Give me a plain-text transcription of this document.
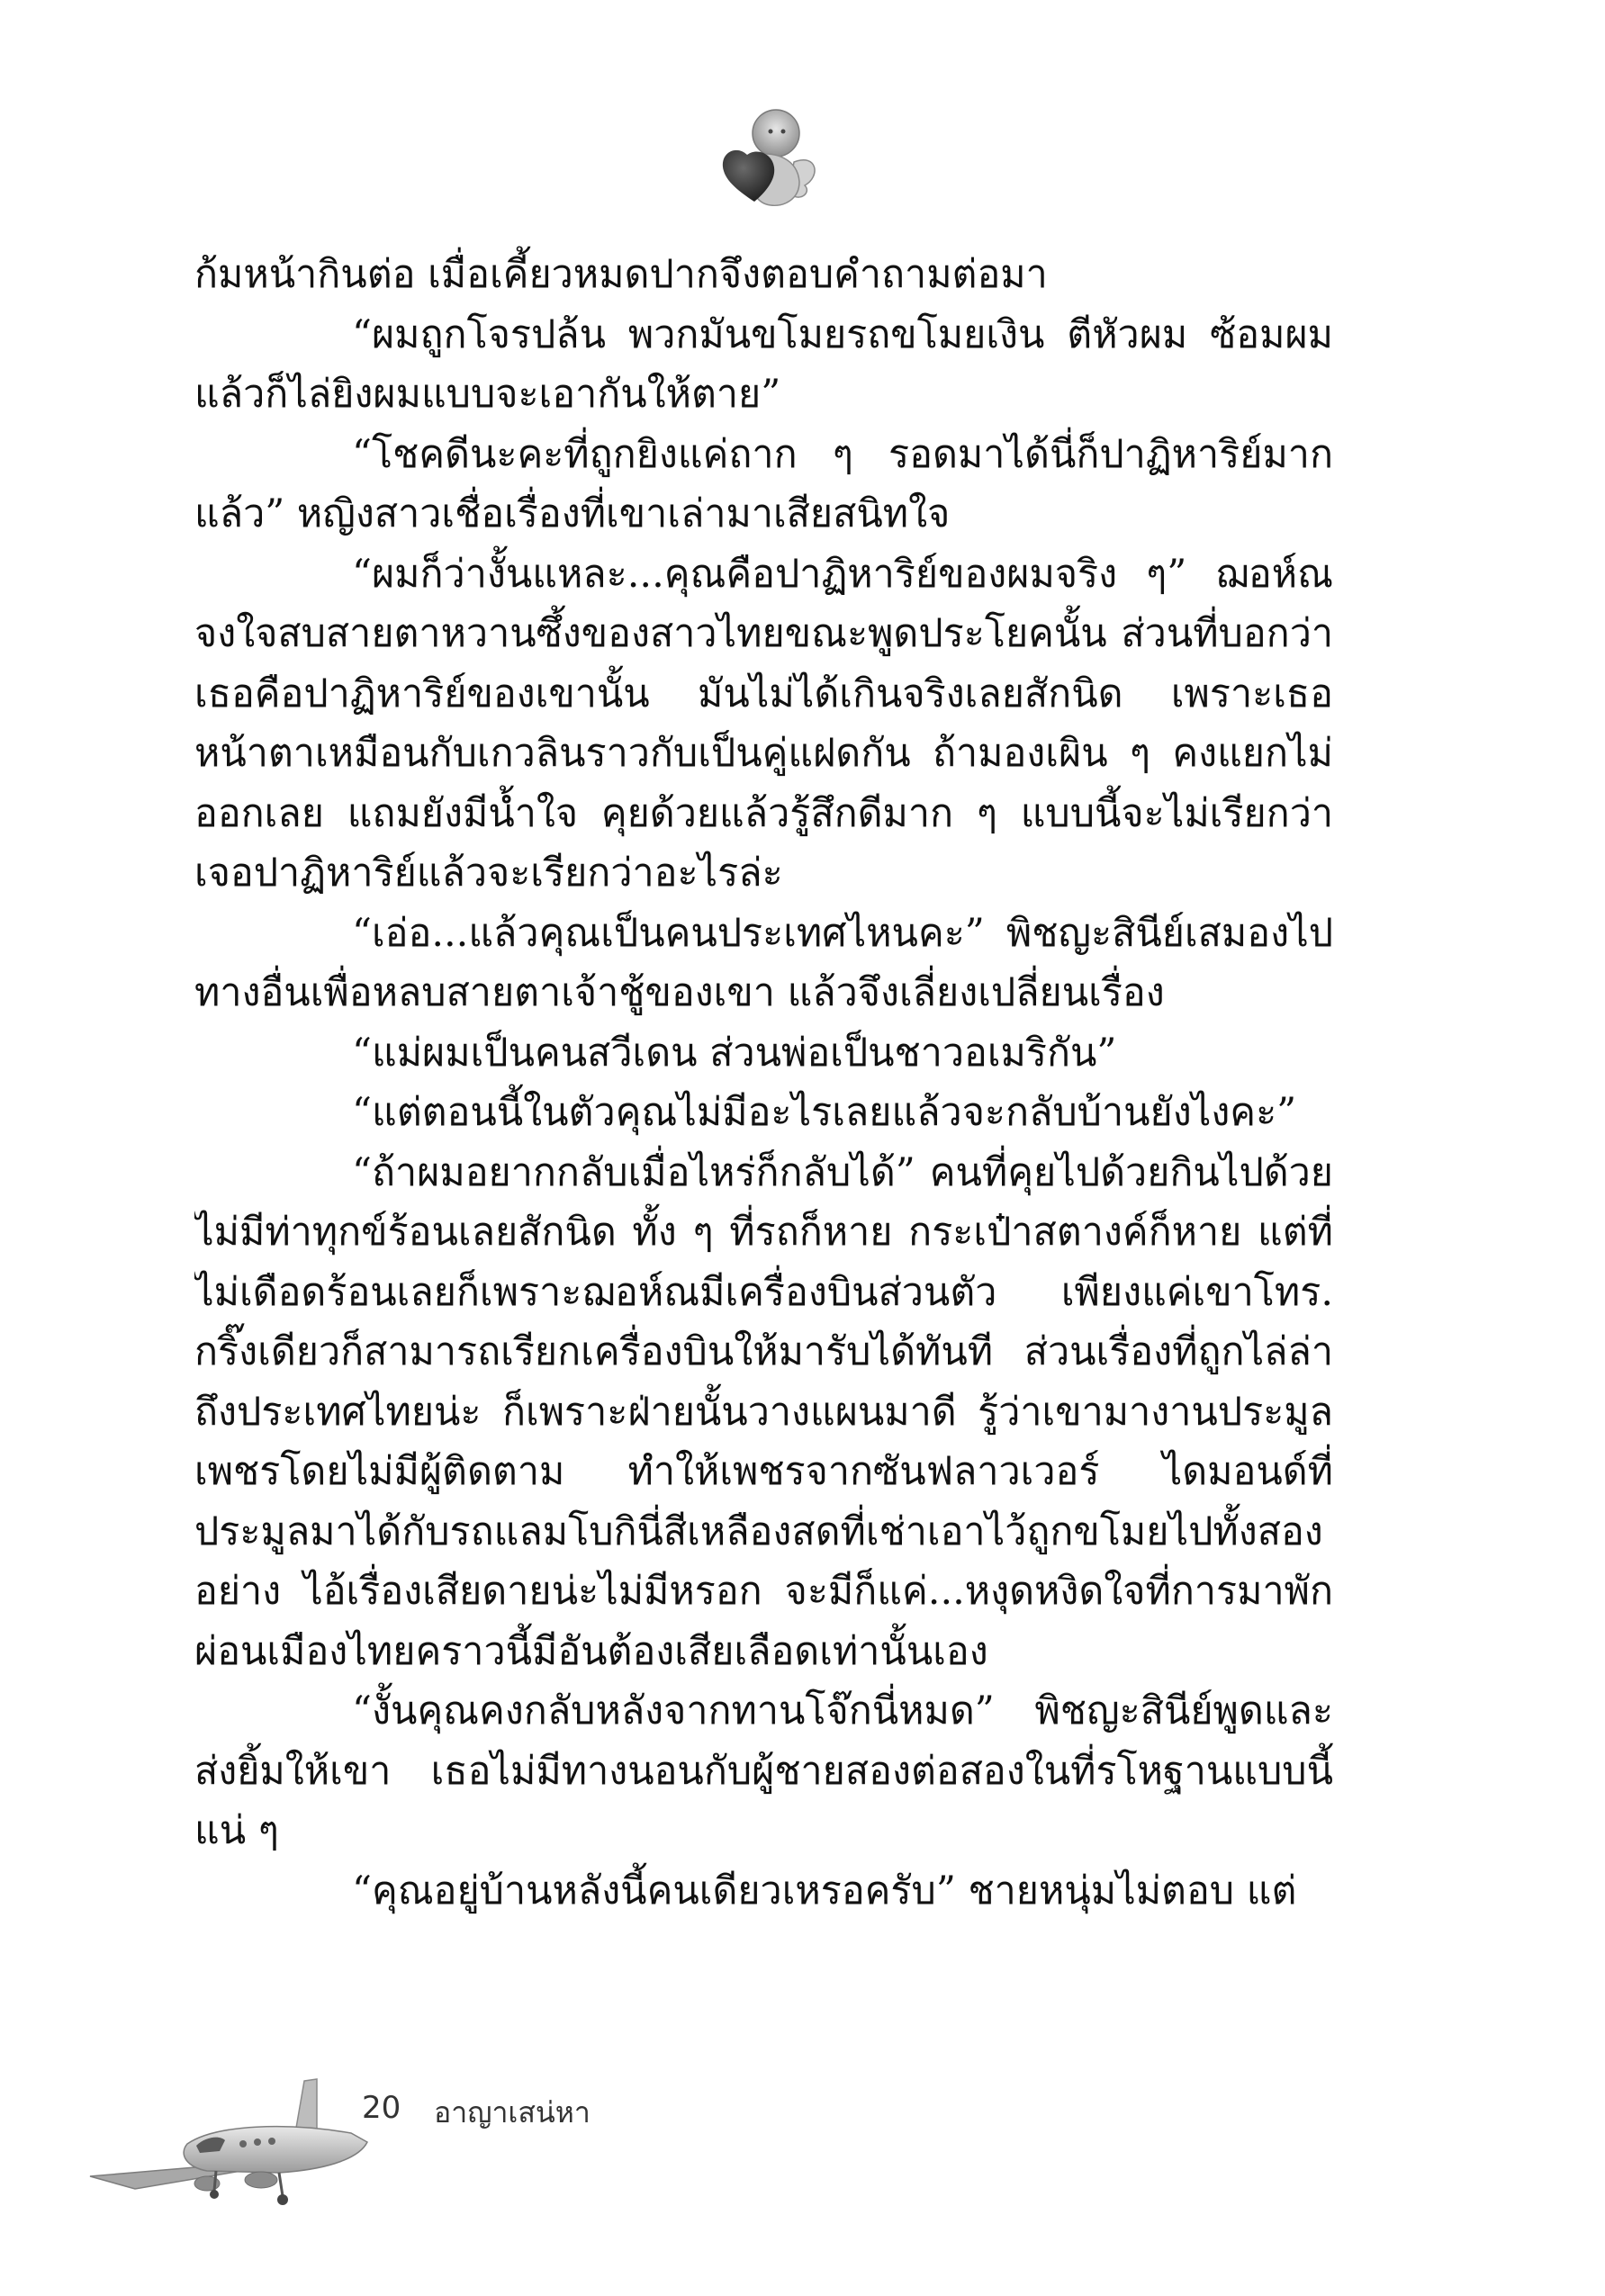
ก้มหน้ากินต่อ เมื่อเคี้ยวหมดปากจึงตอบคำถามต่อมา

“ผมถูกโจรปล้น พวกมันขโมยรถขโมยเงิน ตีหัวผม ซ้อมผม แล้วก็ไล่ยิงผมแบบจะเอากันให้ตาย”

“โชคดีนะคะที่ถูกยิงแค่ถาก ๆ รอดมาได้นี่ก็ปาฏิหาริย์มากแล้ว” หญิงสาวเชื่อเรื่องที่เขาเล่ามาเสียสนิทใจ

“ผมก็ว่างั้นแหละ...คุณคือปาฏิหาริย์ของผมจริง ๆ” ฌอห์ณ จงใจสบสายตาหวานซึ้งของสาวไทยขณะพูดประโยคนั้น ส่วนที่บอกว่าเธอคือปาฏิหาริย์ของเขานั้น มันไม่ได้เกินจริงเลยสักนิด เพราะเธอหน้าตาเหมือนกับเกวลินราวกับเป็นคู่แฝดกัน ถ้ามองเผิน ๆ คงแยกไม่ออกเลย แถมยังมีน้ำใจ คุยด้วยแล้วรู้สึกดีมาก ๆ แบบนี้จะไม่เรียกว่าเจอปาฏิหาริย์แล้วจะเรียกว่าอะไรล่ะ

“เอ่อ...แล้วคุณเป็นคนประเทศไหนคะ” พิชญะสินีย์เสมองไปทางอื่นเพื่อหลบสายตาเจ้าชู้ของเขา แล้วจึงเลี่ยงเปลี่ยนเรื่อง

“แม่ผมเป็นคนสวีเดน ส่วนพ่อเป็นชาวอเมริกัน”

“แต่ตอนนี้ในตัวคุณไม่มีอะไรเลยแล้วจะกลับบ้านยังไงคะ”

“ถ้าผมอยากกลับเมื่อไหร่ก็กลับได้” คนที่คุยไปด้วยกินไปด้วยไม่มีท่าทุกข์ร้อนเลยสักนิด ทั้ง ๆ ที่รถก็หาย กระเป๋าสตางค์ก็หาย แต่ที่ไม่เดือดร้อนเลยก็เพราะฌอห์ณมีเครื่องบินส่วนตัว เพียงแค่เขาโทร. กริ๊งเดียวก็สามารถเรียกเครื่องบินให้มารับได้ทันที ส่วนเรื่องที่ถูกไล่ล่าถึงประเทศไทยน่ะ ก็เพราะฝ่ายนั้นวางแผนมาดี รู้ว่าเขามางานประมูลเพชรโดยไม่มีผู้ติดตาม ทำให้เพชรจากซันฟลาวเวอร์ ไดมอนด์ที่ประมูลมาได้กับรถแลมโบกินี่สีเหลืองสดที่เช่าเอาไว้ถูกขโมยไปทั้งสองอย่าง ไอ้เรื่องเสียดายน่ะไม่มีหรอก จะมีก็แค่...หงุดหงิดใจที่การมาพักผ่อนเมืองไทยคราวนี้มีอันต้องเสียเลือดเท่านั้นเอง

“งั้นคุณคงกลับหลังจากทานโจ๊กนี่หมด” พิชญะสินีย์พูดและส่งยิ้มให้เขา เธอไม่มีทางนอนกับผู้ชายสองต่อสองในที่รโหฐานแบบนี้แน่ ๆ

“คุณอยู่บ้านหลังนี้คนเดียวเหรอครับ” ชายหนุ่มไม่ตอบ แต่

20 อาญาเสน่หา
